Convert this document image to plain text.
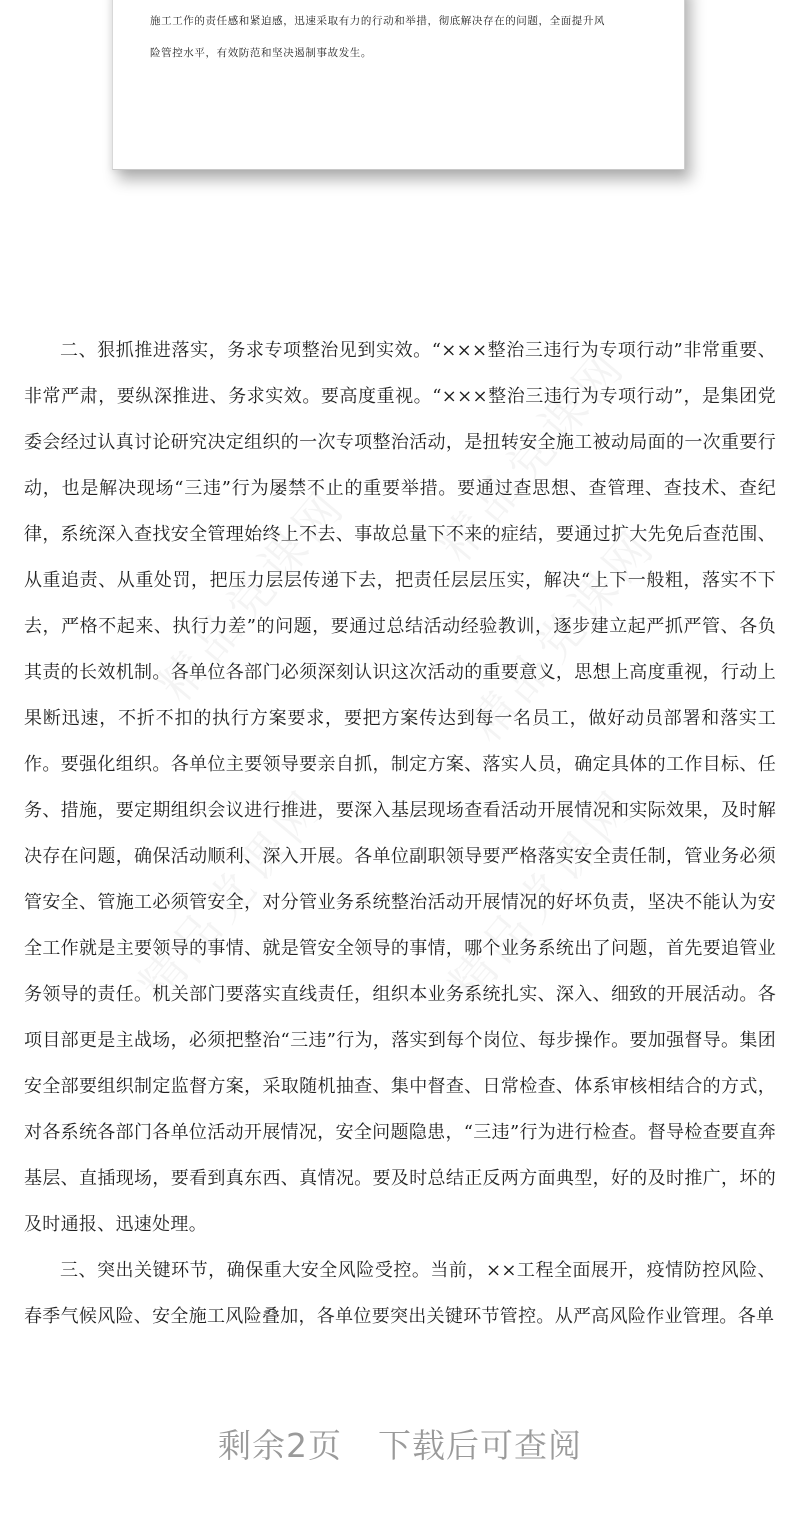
施工工作的责任感和紧迫感，迅速采取有力的行动和举措，彻底解决存在的问题，全面提升风
险管控水平，有效防范和坚决遏制事故发生。

二、狠抓推进落实，务求专项整治见到实效。“×××整治三违行为专项行动”非常重要、非常严肃，要纵深推进、务求实效。要高度重视。“×××整治三违行为专项行动”，是集团党委会经过认真讨论研究决定组织的一次专项整治活动，是扭转安全施工被动局面的一次重要行动，也是解决现场“三违”行为屡禁不止的重要举措。要通过查思想、查管理、查技术、查纪律，系统深入查找安全管理始终上不去、事故总量下不来的症结，要通过扩大先免后查范围、从重追责、从重处罚，把压力层层传递下去，把责任层层压实，解决“上下一般粗，落实不下去，严格不起来、执行力差”的问题，要通过总结活动经验教训，逐步建立起严抓严管、各负其责的长效机制。各单位各部门必须深刻认识这次活动的重要意义，思想上高度重视，行动上果断迅速，不折不扣的执行方案要求，要把方案传达到每一名员工，做好动员部署和落实工作。要强化组织。各单位主要领导要亲自抓，制定方案、落实人员，确定具体的工作目标、任务、措施，要定期组织会议进行推进，要深入基层现场查看活动开展情况和实际效果，及时解决存在问题，确保活动顺利、深入开展。各单位副职领导要严格落实安全责任制，管业务必须管安全、管施工必须管安全，对分管业务系统整治活动开展情况的好坏负责，坚决不能认为安全工作就是主要领导的事情、就是管安全领导的事情，哪个业务系统出了问题，首先要追管业务领导的责任。机关部门要落实直线责任，组织本业务系统扎实、深入、细致的开展活动。各项目部更是主战场，必须把整治“三违”行为，落实到每个岗位、每步操作。要加强督导。集团安全部要组织制定监督方案，采取随机抽查、集中督查、日常检查、体系审核相结合的方式，对各系统各部门各单位活动开展情况，安全问题隐患，“三违”行为进行检查。督导检查要直奔基层、直插现场，要看到真东西、真情况。要及时总结正反两方面典型，好的及时推广，坏的及时通报、迅速处理。

三、突出关键环节，确保重大安全风险受控。当前，××工程全面展开，疫情防控风险、春季气候风险、安全施工风险叠加，各单位要突出关键环节管控。从严高风险作业管理。各单

剩余2页 下载后可查阅
